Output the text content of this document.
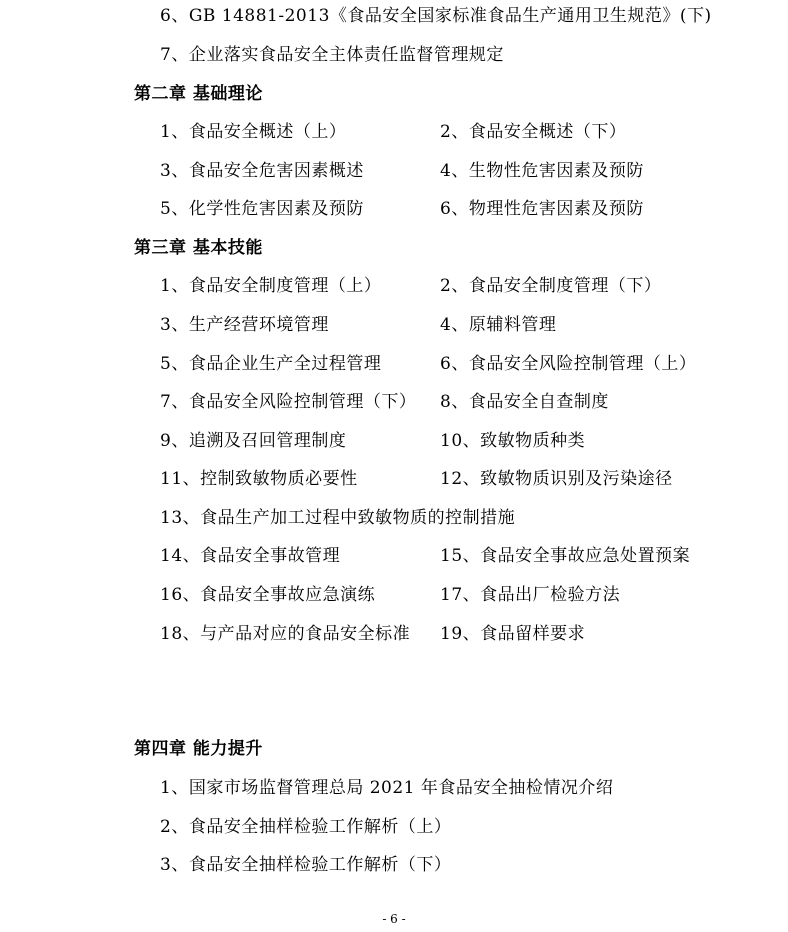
6、GB 14881-2013《食品安全国家标准食品生产通用卫生规范》(下)
7、企业落实食品安全主体责任监督管理规定
第二章 基础理论
1、食品安全概述（上）	2、食品安全概述（下）
3、食品安全危害因素概述	4、生物性危害因素及预防
5、化学性危害因素及预防	6、物理性危害因素及预防
第三章 基本技能
1、食品安全制度管理（上）	2、食品安全制度管理（下）
3、生产经营环境管理	4、原辅料管理
5、食品企业生产全过程管理	6、食品安全风险控制管理（上）
7、食品安全风险控制管理（下） 8、食品安全自查制度
9、追溯及召回管理制度	10、致敏物质种类
11、控制致敏物质必要性	12、致敏物质识别及污染途径
13、食品生产加工过程中致敏物质的控制措施
14、食品安全事故管理	15、食品安全事故应急处置预案
16、食品安全事故应急演练	17、食品出厂检验方法
18、与产品对应的食品安全标准 19、食品留样要求
第四章 能力提升
1、国家市场监督管理总局 2021 年食品安全抽检情况介绍
2、食品安全抽样检验工作解析（上）
3、食品安全抽样检验工作解析（下）
- 6 -
